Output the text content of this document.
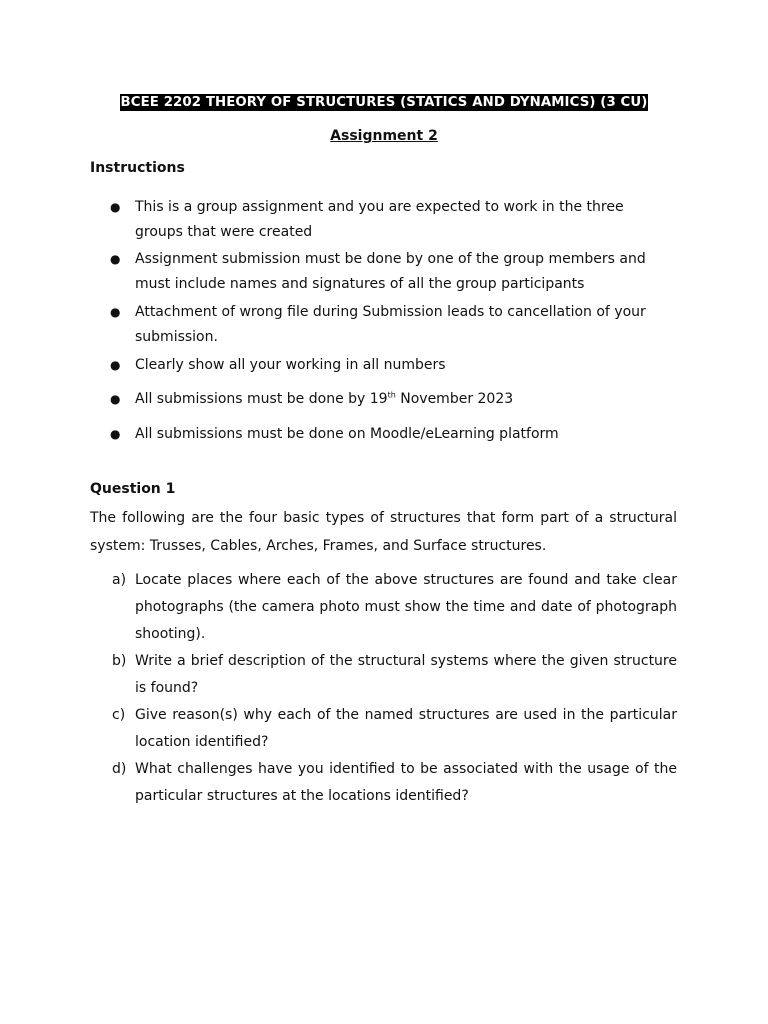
BCEE 2202 THEORY OF STRUCTURES (STATICS AND DYNAMICS) (3 CU)
Assignment 2
Instructions
●	This is a group assignment and you are expected to work in the three groups that were created
●	Assignment submission must be done by one of the group members and must include names and signatures of all the group participants
●	Attachment of wrong file during Submission leads to cancellation of your submission.
●	Clearly show all your working in all numbers
●	All submissions must be done by 19th November 2023
●	All submissions must be done on Moodle/eLearning platform
Question 1
The following are the four basic types of structures that form part of a structural system: Trusses, Cables, Arches, Frames, and Surface structures.
a) Locate places where each of the above structures are found and take clear photographs (the camera photo must show the time and date of photograph shooting).
b) Write a brief description of the structural systems where the given structure is found?
c) Give reason(s) why each of the named structures are used in the particular location identified?
d) What challenges have you identified to be associated with the usage of the particular structures at the locations identified?
